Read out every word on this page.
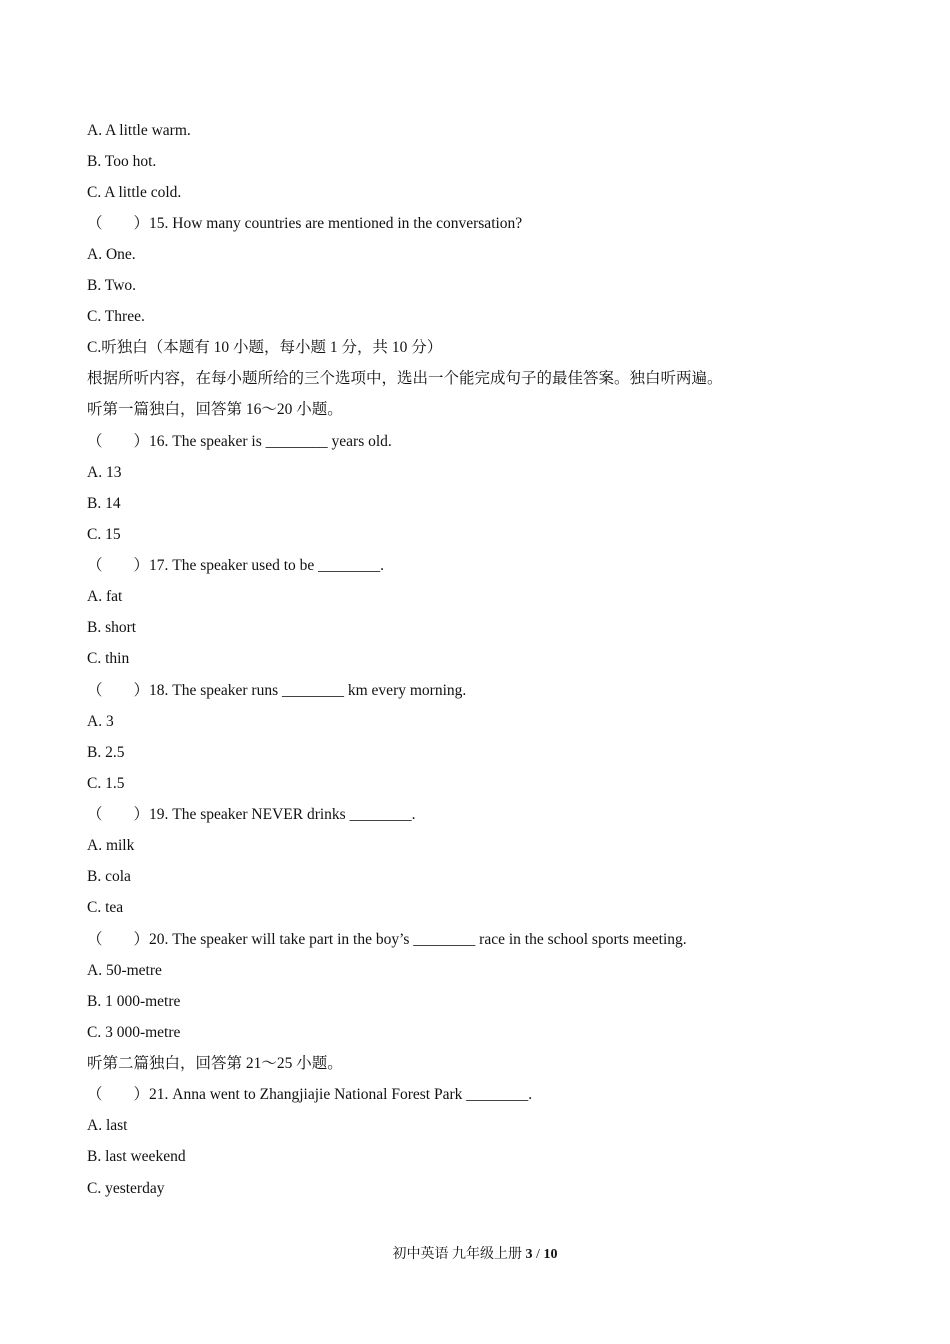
A. A little warm.

B. Too hot.

C. A little cold.

（　　）15. How many countries are mentioned in the conversation?

A. One.

B. Two.

C. Three.

C.听独白（本题有 10 小题，每小题 1 分，共 10 分）

根据所听内容，在每小题所给的三个选项中，选出一个能完成句子的最佳答案。独白听两遍。

听第一篇独白，回答第 16～20 小题。

（　　）16. The speaker is ________ years old.

A. 13

B. 14

C. 15

（　　）17. The speaker used to be ________.

A. fat

B. short

C. thin

（　　）18. The speaker runs ________ km every morning.

A. 3

B. 2.5

C. 1.5

（　　）19. The speaker NEVER drinks ________.

A. milk

B. cola

C. tea

（　　）20. The speaker will take part in the boy’s ________ race in the school sports meeting.

A. 50-metre

B. 1 000-metre

C. 3 000-metre

听第二篇独白，回答第 21～25 小题。

（　　）21. Anna went to Zhangjiajie National Forest Park ________.

A. last

B. last weekend

C. yesterday

初中英语 九年级上册 3 / 10
